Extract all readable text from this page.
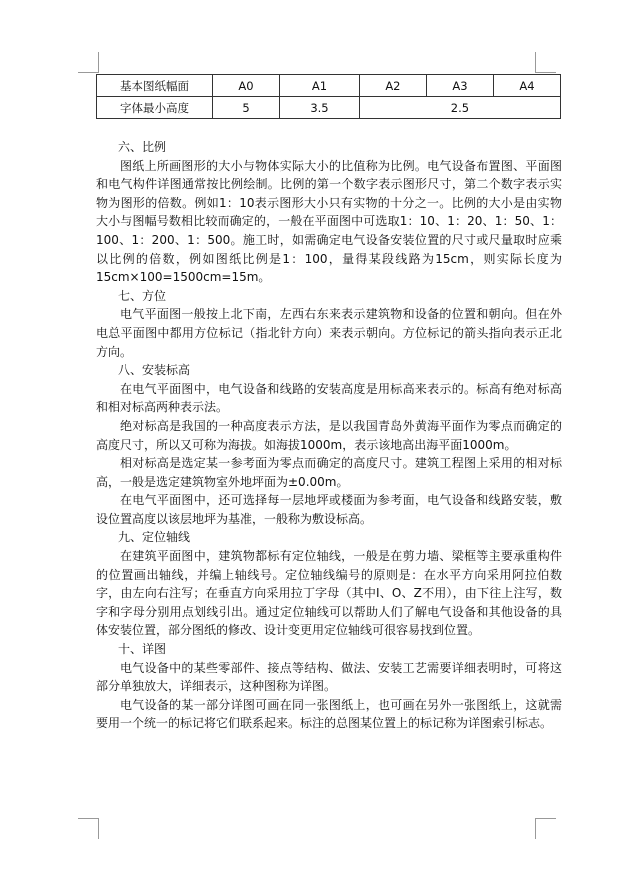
基本图纸幅面	A0	A1	A2	A3	A4
字体最小高度	5	3.5	2.5		

六、比例

图纸上所画图形的大小与物体实际大小的比值称为比例。电气设备布置图、平面图和电气构件详图通常按比例绘制。比例的第一个数字表示图形尺寸，第二个数字表示实物为图形的倍数。例如1：10表示图形大小只有实物的十分之一。比例的大小是由实物大小与图幅号数相比较而确定的，一般在平面图中可选取1：10、1：20、1：50、1：100、1：200、1：500。施工时，如需确定电气设备安装位置的尺寸或尺量取时应乘以比例的倍数，例如图纸比例是1：100，量得某段线路为15cm，则实际长度为15cm×100=1500cm=15m。

七、方位

电气平面图一般按上北下南，左西右东来表示建筑物和设备的位置和朝向。但在外电总平面图中都用方位标记（指北针方向）来表示朝向。方位标记的箭头指向表示正北方向。

八、安装标高

在电气平面图中，电气设备和线路的安装高度是用标高来表示的。标高有绝对标高和相对标高两种表示法。

绝对标高是我国的一种高度表示方法，是以我国青岛外黄海平面作为零点而确定的高度尺寸，所以又可称为海拔。如海拔1000m，表示该地高出海平面1000m。

相对标高是选定某一参考面为零点而确定的高度尺寸。建筑工程图上采用的相对标高，一般是选定建筑物室外地坪面为±0.00m。

在电气平面图中，还可选择每一层地坪或楼面为参考面，电气设备和线路安装，敷设位置高度以该层地坪为基准，一般称为敷设标高。

九、定位轴线

在建筑平面图中，建筑物都标有定位轴线，一般是在剪力墙、梁框等主要承重构件的位置画出轴线，并编上轴线号。定位轴线编号的原则是：在水平方向采用阿拉伯数字，由左向右注写；在垂直方向采用拉丁字母（其中I、O、Z不用），由下往上注写，数字和字母分别用点划线引出。通过定位轴线可以帮助人们了解电气设备和其他设备的具体安装位置，部分图纸的修改、设计变更用定位轴线可很容易找到位置。

十、详图

电气设备中的某些零部件、接点等结构、做法、安装工艺需要详细表明时，可将这部分单独放大，详细表示，这种图称为详图。

电气设备的某一部分详图可画在同一张图纸上，也可画在另外一张图纸上，这就需要用一个统一的标记将它们联系起来。标注的总图某位置上的标记称为详图索引标志。
